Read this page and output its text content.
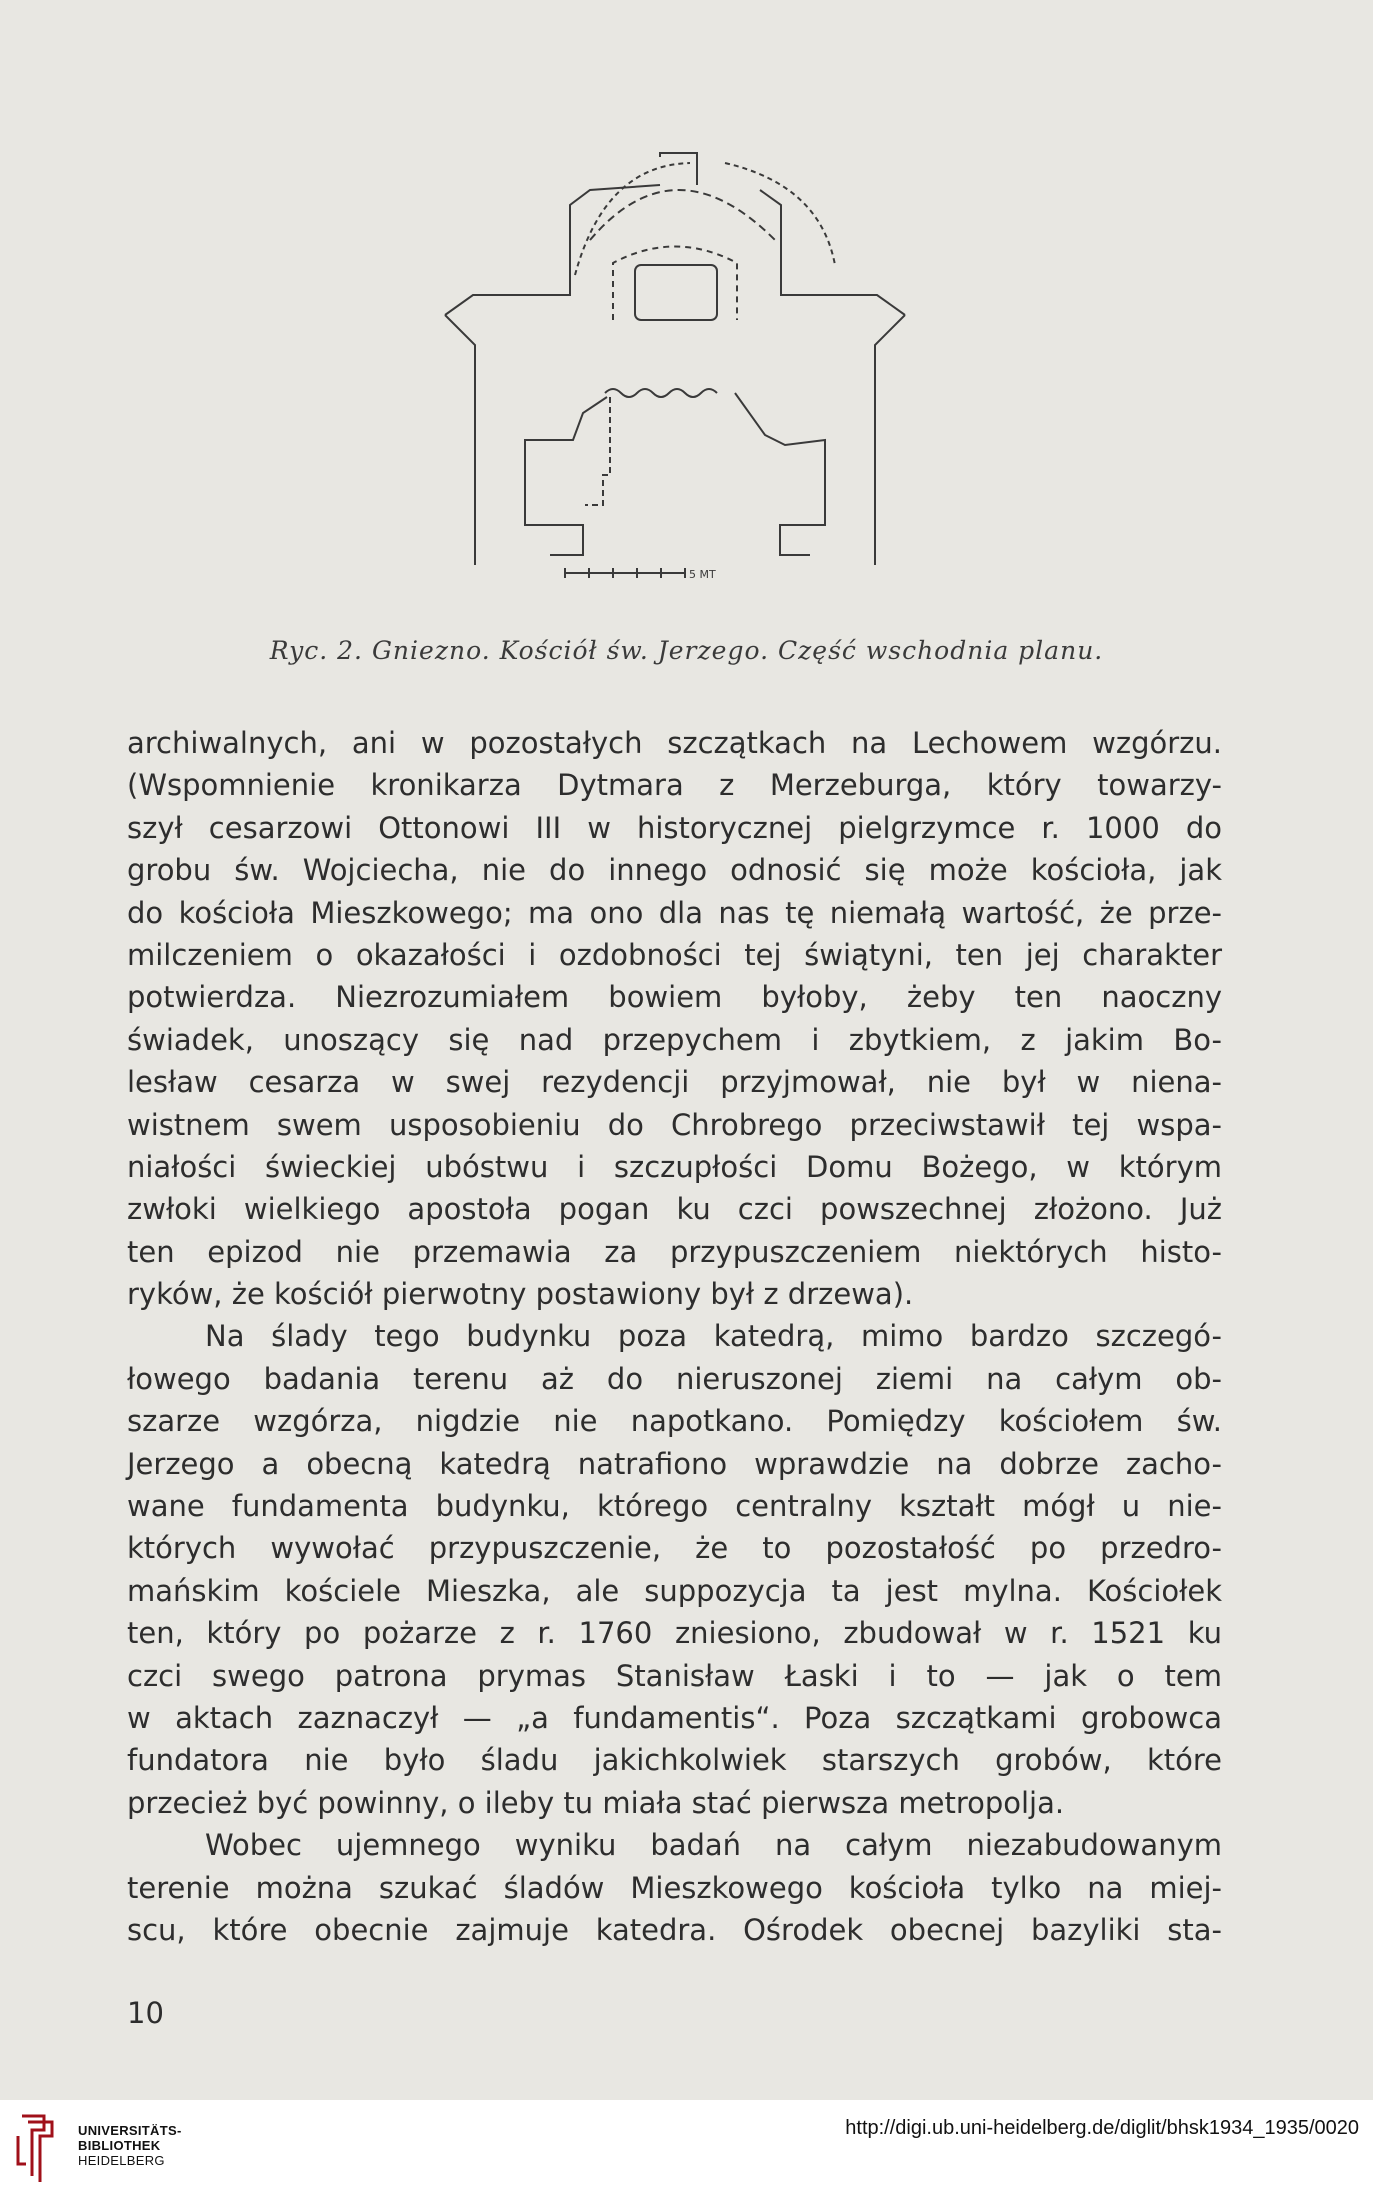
5 MT
Ryc. 2. Gniezno. Kościół św. Jerzego. Część wschodnia planu.
archiwalnych, ani w pozostałych szczątkach na Lechowem wzgórzu.
(Wspomnienie kronikarza Dytmara z Merzeburga, który towarzy-
szył cesarzowi Ottonowi III w historycznej pielgrzymce r. 1000 do
grobu św. Wojciecha, nie do innego odnosić się może kościoła, jak
do kościoła Mieszkowego; ma ono dla nas tę niemałą wartość, że prze-
milczeniem o okazałości i ozdobności tej świątyni, ten jej charakter
potwierdza. Niezrozumiałem bowiem byłoby, żeby ten naoczny
świadek, unoszący się nad przepychem i zbytkiem, z jakim Bo-
lesław cesarza w swej rezydencji przyjmował, nie był w niena-
wistnem swem usposobieniu do Chrobrego przeciwstawił tej wspa-
niałości świeckiej ubóstwu i szczupłości Domu Bożego, w którym
zwłoki wielkiego apostoła pogan ku czci powszechnej złożono. Już
ten epizod nie przemawia za przypuszczeniem niektórych histo-
ryków, że kościół pierwotny postawiony był z drzewa).
Na ślady tego budynku poza katedrą, mimo bardzo szczegó-
łowego badania terenu aż do nieruszonej ziemi na całym ob-
szarze wzgórza, nigdzie nie napotkano. Pomiędzy kościołem św.
Jerzego a obecną katedrą natrafiono wprawdzie na dobrze zacho-
wane fundamenta budynku, którego centralny kształt mógł u nie-
których wywołać przypuszczenie, że to pozostałość po przedro-
mańskim kościele Mieszka, ale suppozycja ta jest mylna. Kościołek
ten, który po pożarze z r. 1760 zniesiono, zbudował w r. 1521 ku
czci swego patrona prymas Stanisław Łaski i to — jak o tem
w aktach zaznaczył — „a fundamentis“. Poza szczątkami grobowca
fundatora nie było śladu jakichkolwiek starszych grobów, które
przecież być powinny, o ileby tu miała stać pierwsza metropolja.
Wobec ujemnego wyniku badań na całym niezabudowanym
terenie można szukać śladów Mieszkowego kościoła tylko na miej-
scu, które obecnie zajmuje katedra. Ośrodek obecnej bazyliki sta-
10
UNIVERSITÄTS-
BIBLIOTHEK
HEIDELBERG
http://digi.ub.uni-heidelberg.de/diglit/bhsk1934_1935/0020
